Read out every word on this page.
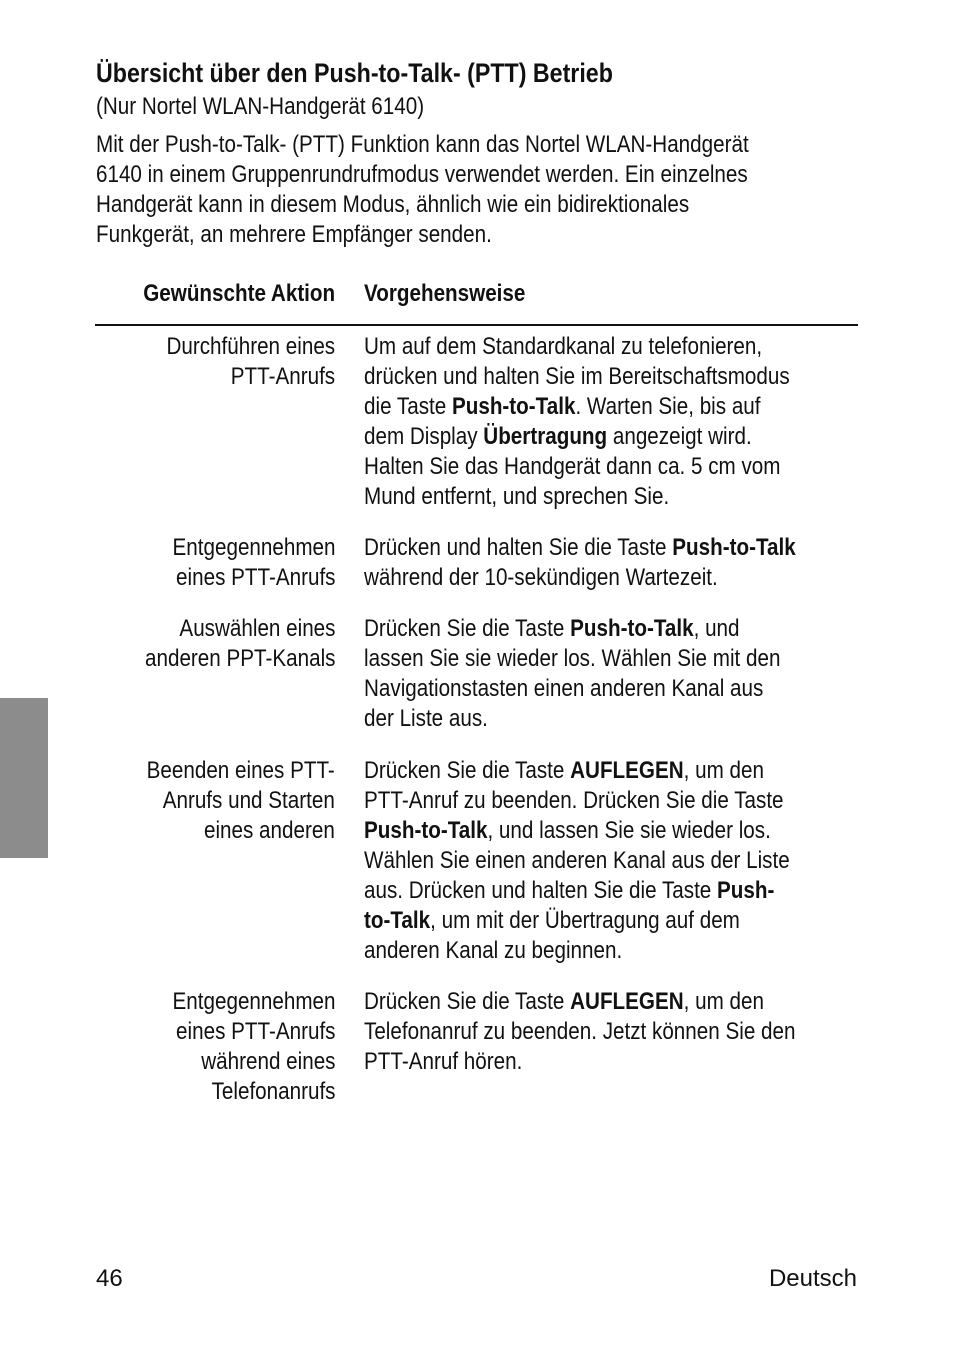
Übersicht über den Push-to-Talk- (PTT) Betrieb
(Nur Nortel WLAN-Handgerät 6140)
Mit der Push-to-Talk- (PTT) Funktion kann das Nortel WLAN-Handgerät
6140 in einem Gruppenrundrufmodus verwendet werden. Ein einzelnes
Handgerät kann in diesem Modus, ähnlich wie ein bidirektionales
Funkgerät, an mehrere Empfänger senden.
Gewünschte Aktion Vorgehensweise
Durchführen eines
PTT-Anrufs
Um auf dem Standardkanal zu telefonieren,
drücken und halten Sie im Bereitschaftsmodus
die Taste Push-to-Talk. Warten Sie, bis auf
dem Display Übertragung angezeigt wird.
Halten Sie das Handgerät dann ca. 5 cm vom
Mund entfernt, und sprechen Sie.
Entgegennehmen
eines PTT-Anrufs
Drücken und halten Sie die Taste Push-to-Talk
während der 10-sekündigen Wartezeit.
Auswählen eines
anderen PPT-Kanals
Drücken Sie die Taste Push-to-Talk, und
lassen Sie sie wieder los. Wählen Sie mit den
Navigationstasten einen anderen Kanal aus
der Liste aus.
Beenden eines PTT-
Anrufs und Starten
eines anderen
Drücken Sie die Taste AUFLEGEN, um den
PTT-Anruf zu beenden. Drücken Sie die Taste
Push-to-Talk, und lassen Sie sie wieder los.
Wählen Sie einen anderen Kanal aus der Liste
aus. Drücken und halten Sie die Taste Push-
to-Talk, um mit der Übertragung auf dem
anderen Kanal zu beginnen.
Entgegennehmen
eines PTT-Anrufs
während eines
Telefonanrufs
Drücken Sie die Taste AUFLEGEN, um den
Telefonanruf zu beenden. Jetzt können Sie den
PTT-Anruf hören.
46	Deutsch
